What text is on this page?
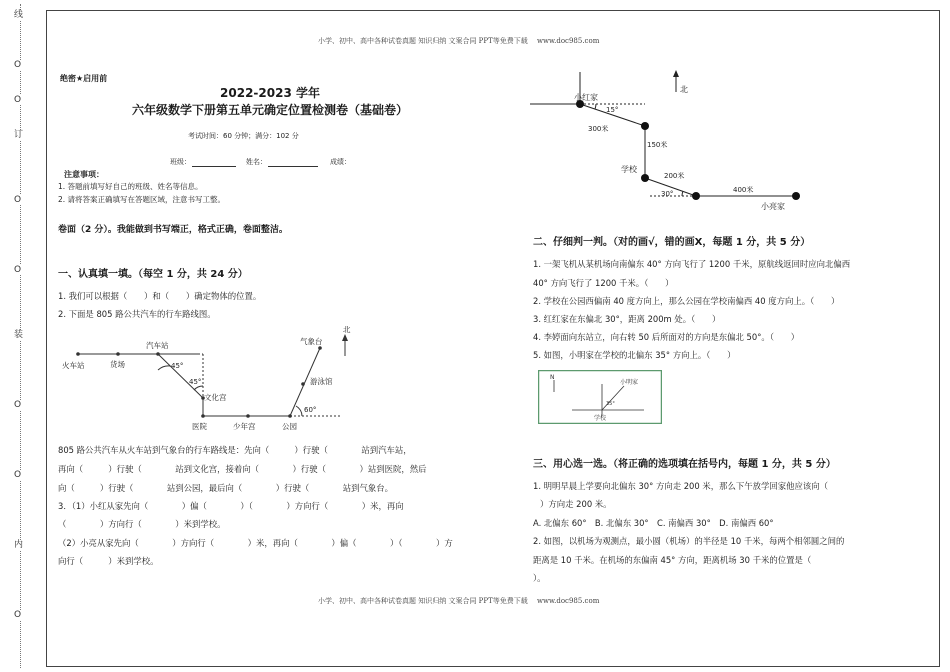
线
O
O
订
O
O
装
O
O
内
O
小学、初中、高中各种试卷真题 知识归纳 文案合同 PPT等免费下载　 www.doc985.com
小学、初中、高中各种试卷真题 知识归纳 文案合同 PPT等免费下载　 www.doc985.com
绝密★启用前
2022-2023 学年
六年级数学下册第五单元确定位置检测卷（基础卷）
考试时间：60 分钟；满分：102 分
班级：	姓名：	成绩：
注意事项：
1. 答题前填写好自己的班级、姓名等信息。
2. 请将答案正确填写在答题区域，注意书写工整。
卷面（2 分）。我能做到书写端正，格式正确，卷面整洁。
一、认真填一填。（每空 1 分，共 24 分）
1. 我们可以根据（　　）和（　　）确定物体的位置。
2. 下面是 805 路公共汽车的行车路线图。
北
火车站	货场
汽车站
45°
45°
文化宫
医院	少年宫	公园
60°
游泳馆
气象台
805 路公共汽车从火车站到气象台的行车路线是：先向（　　　）行驶（　　　　站到汽车站，
再向（　　　）行驶（　　　　站到文化宫，接着向（　　　　）行驶（　　　　）站到医院，然后
向（　　　）行驶（　　　　站到公园，最后向（　　　　）行驶（　　　　站到气象台。
3．（1）小红从家先向（　　　　）偏（　　　　）（　　　　）方向行（　　　　）米，再向
（　　　　）方向行（　　　　）米到学校。
（2）小亮从家先向（　　　　）方向行（　　　　）米，再向（　　　　）偏（　　　　）（　　　　）方
向行（　　　）米到学校。
北
小红家
15°
300米
150米
学校
200米
30°	400米
小亮家
二、仔细判一判。（对的画√，错的画X，每题 1 分，共 5 分）
1. 一架飞机从某机场向南偏东 40° 方向飞行了 1200 千米，原航线返回时应向北偏西
40° 方向飞行了 1200 千米。（　　）
2. 学校在公园西偏南 40 度方向上，那么公园在学校南偏西 40 度方向上。（　　）
3. 红红家在东偏北 30°，距离 200m 处。（　　）
4. 李婷面向东站立，向右转 50 后所面对的方向是东偏北 50°。（　　）
5. 如图，小明家在学校的北偏东 35° 方向上。（　　）
N
小明家
35°
学校
三、用心选一选。（将正确的选项填在括号内，每题 1 分，共 5 分）
1. 明明早晨上学要向北偏东 30° 方向走 200 米，那么下午放学回家他应该向（
）方向走 200 米。
A. 北偏东 60°　B. 北偏东 30°　C. 南偏西 30°　D. 南偏西 60°
2. 如图，以机场为观测点，最小圆（机场）的半径是 10 千米，每两个相邻圆之间的
距离是 10 千米。在机场的东偏南 45° 方向，距离机场 30 千米的位置是（
）。
